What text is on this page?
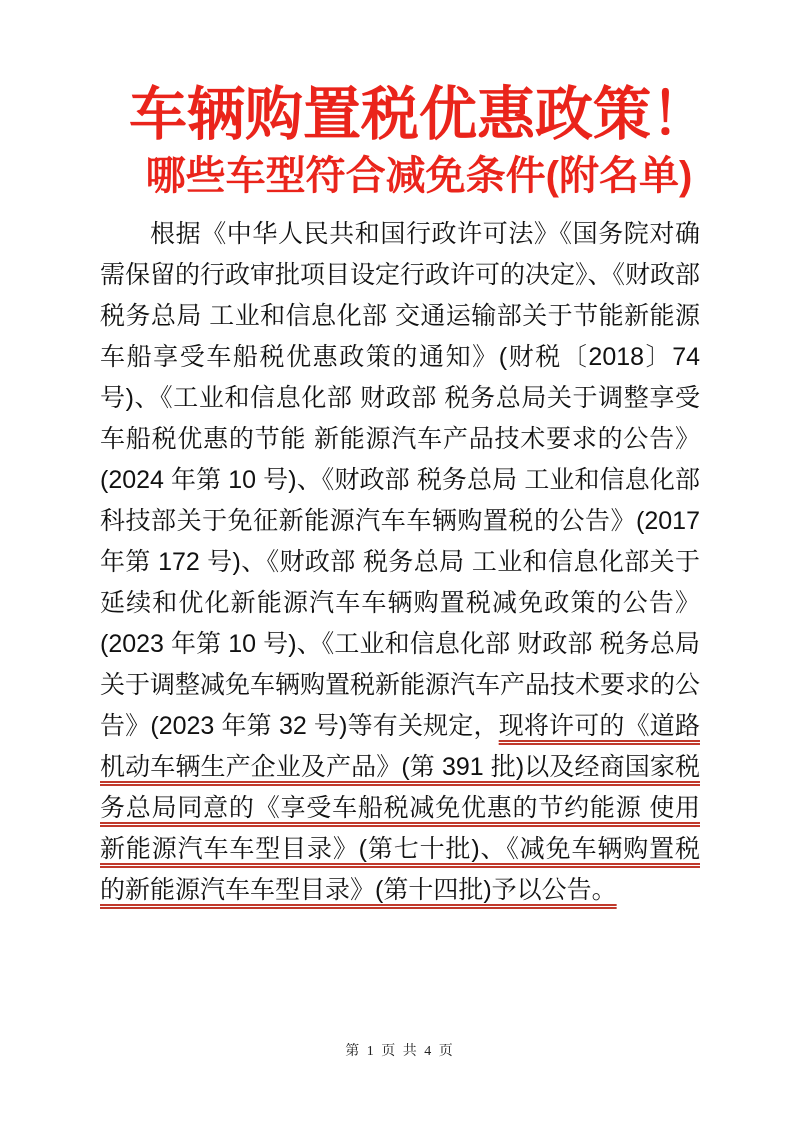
车辆购置税优惠政策！
哪些车型符合减免条件(附名单)

根据《中华人民共和国行政许可法》《国务院对确需保留的行政审批项目设定行政许可的决定》、《财政部 税务总局 工业和信息化部 交通运输部关于节能新能源车船享受车船税优惠政策的通知》(财税〔2018〕74 号)、《工业和信息化部 财政部 税务总局关于调整享受车船税优惠的节能 新能源汽车产品技术要求的公告》(2024 年第 10 号)、《财政部 税务总局 工业和信息化部 科技部关于免征新能源汽车车辆购置税的公告》(2017 年第 172 号)、《财政部 税务总局 工业和信息化部关于延续和优化新能源汽车车辆购置税减免政策的公告》(2023 年第 10 号)、《工业和信息化部 财政部 税务总局关于调整减免车辆购置税新能源汽车产品技术要求的公告》(2023 年第 32 号)等有关规定，现将许可的《道路机动车辆生产企业及产品》(第 391 批)以及经商国家税务总局同意的《享受车船税减免优惠的节约能源 使用新能源汽车车型目录》(第七十批)、《减免车辆购置税的新能源汽车车型目录》(第十四批)予以公告。

第 1 页 共 4 页
